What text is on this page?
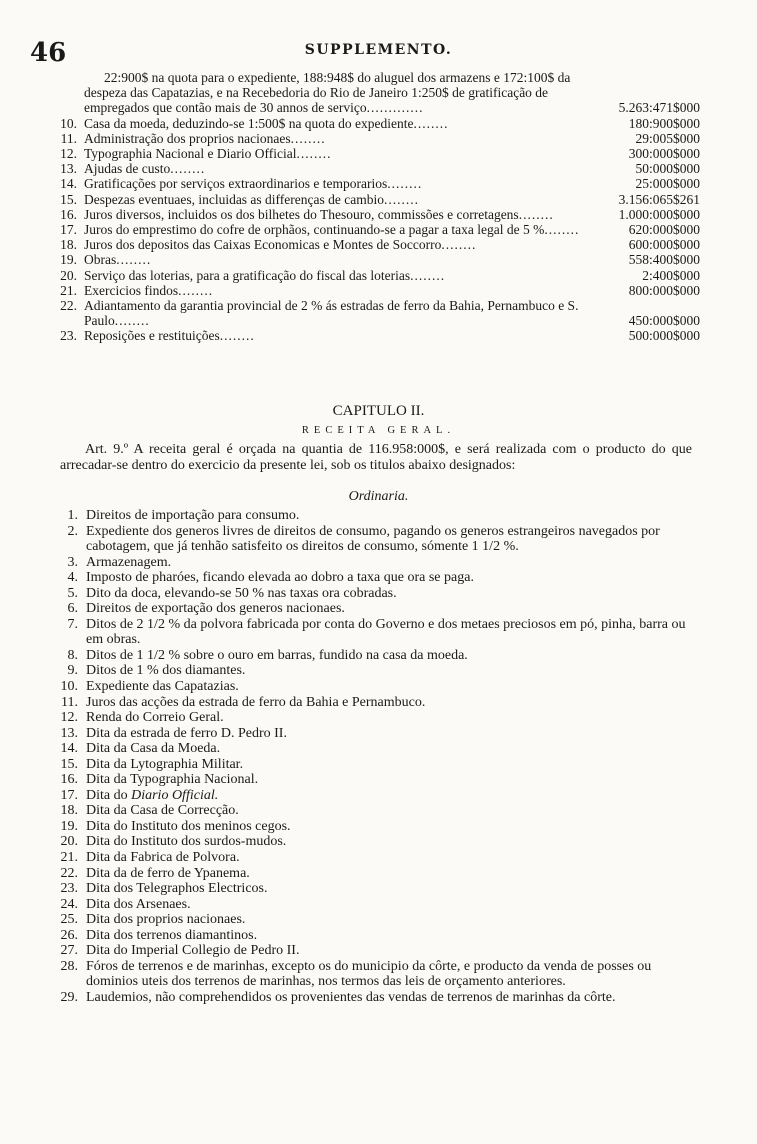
46	SUPPLEMENTO.
22:900$ na quota para o expediente, 188:948$ do aluguel dos armazens e 172:100$ da despeza das Capatazias, e na Recebedoria do Rio de Janeiro 1:250$ de gratificação de empregados que contão mais de 30 annos de serviço.............	5.263:471$000
10. Casa da moeda, deduzindo-se 1:500$ na quota do expediente........	180:900$000
11. Administração dos proprios nacionaes........	29:005$000
12. Typographia Nacional e Diario Official........	300:000$000
13. Ajudas de custo........	50:000$000
14. Gratificações por serviços extraordinarios e temporarios........	25:000$000
15. Despezas eventuaes, incluidas as differenças de cambio........	3.156:065$261
16. Juros diversos, incluidos os dos bilhetes do Thesouro, commissões e corretagens........	1.000:000$000
17. Juros do emprestimo do cofre de orphãos, continuando-se a pagar a taxa legal de 5 %........	620:000$000
18. Juros dos depositos das Caixas Economicas e Montes de Soccorro........	600:000$000
19. Obras........	558:400$000
20. Serviço das loterias, para a gratificação do fiscal das loterias........	2:400$000
21. Exercicios findos........	800:000$000
22. Adiantamento da garantia provincial de 2 % ás estradas de ferro da Bahia, Pernambuco e S. Paulo........	450:000$000
23. Reposições e restituições........	500:000$000
CAPITULO II.
RECEITA GERAL.
Art. 9.º A receita geral é orçada na quantia de 116.958:000$, e será realizada com o producto do que arrecadar-se dentro do exercicio da presente lei, sob os titulos abaixo designados:
Ordinaria.
1. Direitos de importação para consumo.
2. Expediente dos generos livres de direitos de consumo, pagando os generos estrangeiros navegados por cabotagem, que já tenhão satisfeito os direitos de consumo, sómente 1 1/2 %.
3. Armazenagem.
4. Imposto de pharóes, ficando elevada ao dobro a taxa que ora se paga.
5. Dito da doca, elevando-se 50 % nas taxas ora cobradas.
6. Direitos de exportação dos generos nacionaes.
7. Ditos de 2 1/2 % da polvora fabricada por conta do Governo e dos metaes preciosos em pó, pinha, barra ou em obras.
8. Ditos de 1 1/2 % sobre o ouro em barras, fundido na casa da moeda.
9. Ditos de 1 % dos diamantes.
10. Expediente das Capatazias.
11. Juros das acções da estrada de ferro da Bahia e Pernambuco.
12. Renda do Correio Geral.
13. Dita da estrada de ferro D. Pedro II.
14. Dita da Casa da Moeda.
15. Dita da Lytographia Militar.
16. Dita da Typographia Nacional.
17. Dita do Diario Official.
18. Dita da Casa de Correcção.
19. Dita do Instituto dos meninos cegos.
20. Dita do Instituto dos surdos-mudos.
21. Dita da Fabrica de Polvora.
22. Dita da de ferro de Ypanema.
23. Dita dos Telegraphos Electricos.
24. Dita dos Arsenaes.
25. Dita dos proprios nacionaes.
26. Dita dos terrenos diamantinos.
27. Dita do Imperial Collegio de Pedro II.
28. Fóros de terrenos e de marinhas, excepto os do municipio da côrte, e producto da venda de posses ou dominios uteis dos terrenos de marinhas, nos termos das leis de orçamento anteriores.
29. Laudemios, não comprehendidos os provenientes das vendas de terrenos de marinhas da côrte.
